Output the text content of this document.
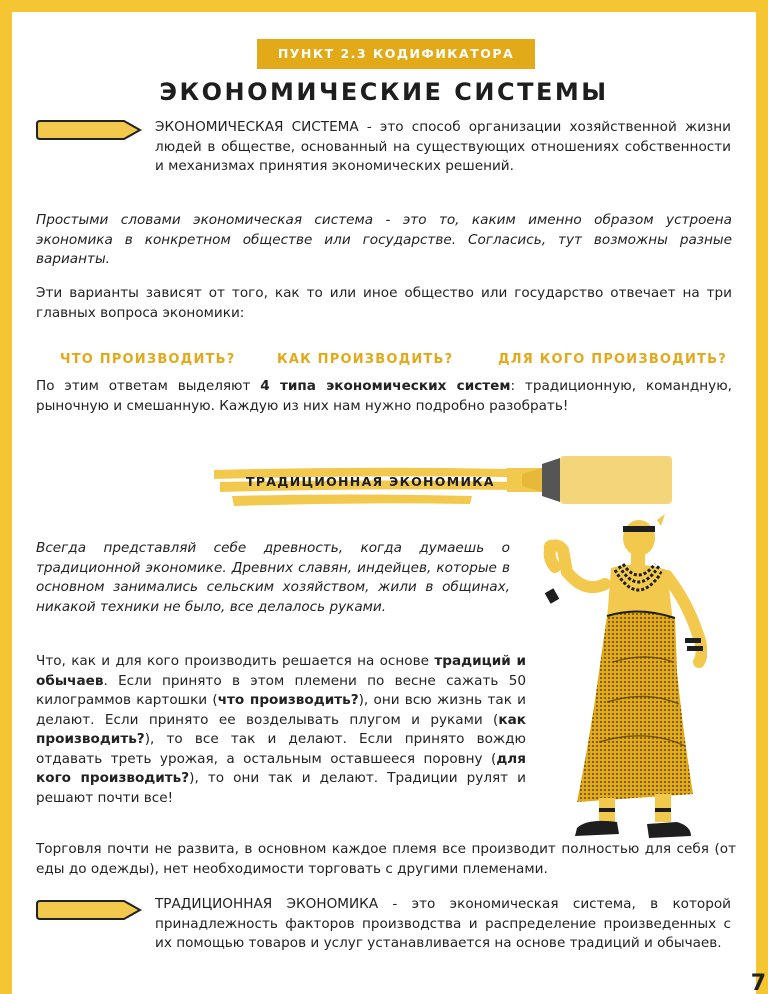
ПУНКТ 2.3 КОДИФИКАТОРА
ЭКОНОМИЧЕСКИЕ СИСТЕМЫ
ЭКОНОМИЧЕСКАЯ СИСТЕМА - это способ организации хозяйственной жизни людей в обществе, основанный на существующих отношениях собственности и механизмах принятия экономических решений.
Простыми словами экономическая система - это то, каким именно образом устроена экономика в конкретном обществе или государстве. Согласись, тут возможны разные варианты.
Эти варианты зависят от того, как то или иное общество или государство отвечает на три главных вопроса экономики:
ЧТО ПРОИЗВОДИТЬ?	КАК ПРОИЗВОДИТЬ?	ДЛЯ КОГО ПРОИЗВОДИТЬ?
По этим ответам выделяют 4 типа экономических систем: традиционную, командную, рыночную и смешанную. Каждую из них нам нужно подробно разобрать!
ТРАДИЦИОННАЯ ЭКОНОМИКА
Всегда представляй себе древность, когда думаешь о традиционной экономике. Древних славян, индейцев, которые в основном занимались сельским хозяйством, жили в общинах, никакой техники не было, все делалось руками.
Что, как и для кого производить решается на основе традиций и обычаев. Если принято в этом племени по весне сажать 50 килограммов картошки (что производить?), они всю жизнь так и делают. Если принято ее возделывать плугом и руками (как производить?), то все так и делают. Если принято вождю отдавать треть урожая, а остальным оставшееся поровну (для кого производить?), то они так и делают. Традиции рулят и решают почти все!
Торговля почти не развита, в основном каждое племя все производит полностью для себя (от еды до одежды), нет необходимости торговать с другими племенами.
ТРАДИЦИОННАЯ ЭКОНОМИКА - это экономическая система, в которой принадлежность факторов производства и распределение произведенных с их помощью товаров и услуг устанавливается на основе традиций и обычаев.
7
